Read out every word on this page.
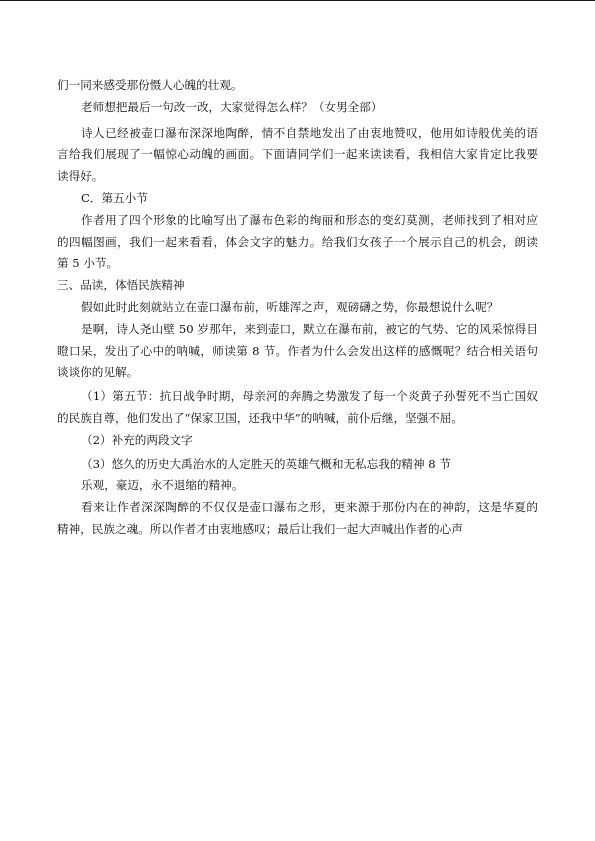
们一同来感受那份慑人心魄的壮观。
老师想把最后一句改一改，大家觉得怎么样？（女男全部）
诗人已经被壶口瀑布深深地陶醉，情不自禁地发出了由衷地赞叹，他用如诗般优美的语
言给我们展现了一幅惊心动魄的画面。下面请同学们一起来读读看，我相信大家肯定比我要
读得好。
C．第五小节
作者用了四个形象的比喻写出了瀑布色彩的绚丽和形态的变幻莫测，老师找到了相对应
的四幅图画，我们一起来看看，体会文字的魅力。给我们女孩子一个展示自己的机会，朗读
第 5 小节。
三、品读，体悟民族精神
假如此时此刻就站立在壶口瀑布前，听雄浑之声，观磅礴之势，你最想说什么呢？
是啊，诗人尧山壁 50 岁那年，来到壶口，默立在瀑布前，被它的气势、它的风采惊得目
瞪口呆，发出了心中的呐喊，师读第 8 节。作者为什么会发出这样的感慨呢？结合相关语句
谈谈你的见解。
（1）第五节：抗日战争时期，母亲河的奔腾之势激发了每一个炎黄子孙誓死不当亡国奴
的民族自尊，他们发出了“保家卫国，还我中华”的呐喊，前仆后继，坚强不屈。
（2）补充的两段文字
（3）悠久的历史大禹治水的人定胜天的英雄气概和无私忘我的精神 8 节
乐观，豪迈，永不退缩的精神。
看来让作者深深陶醉的不仅仅是壶口瀑布之形，更来源于那份内在的神韵，这是华夏的
精神，民族之魂。所以作者才由衷地感叹；最后让我们一起大声喊出作者的心声
